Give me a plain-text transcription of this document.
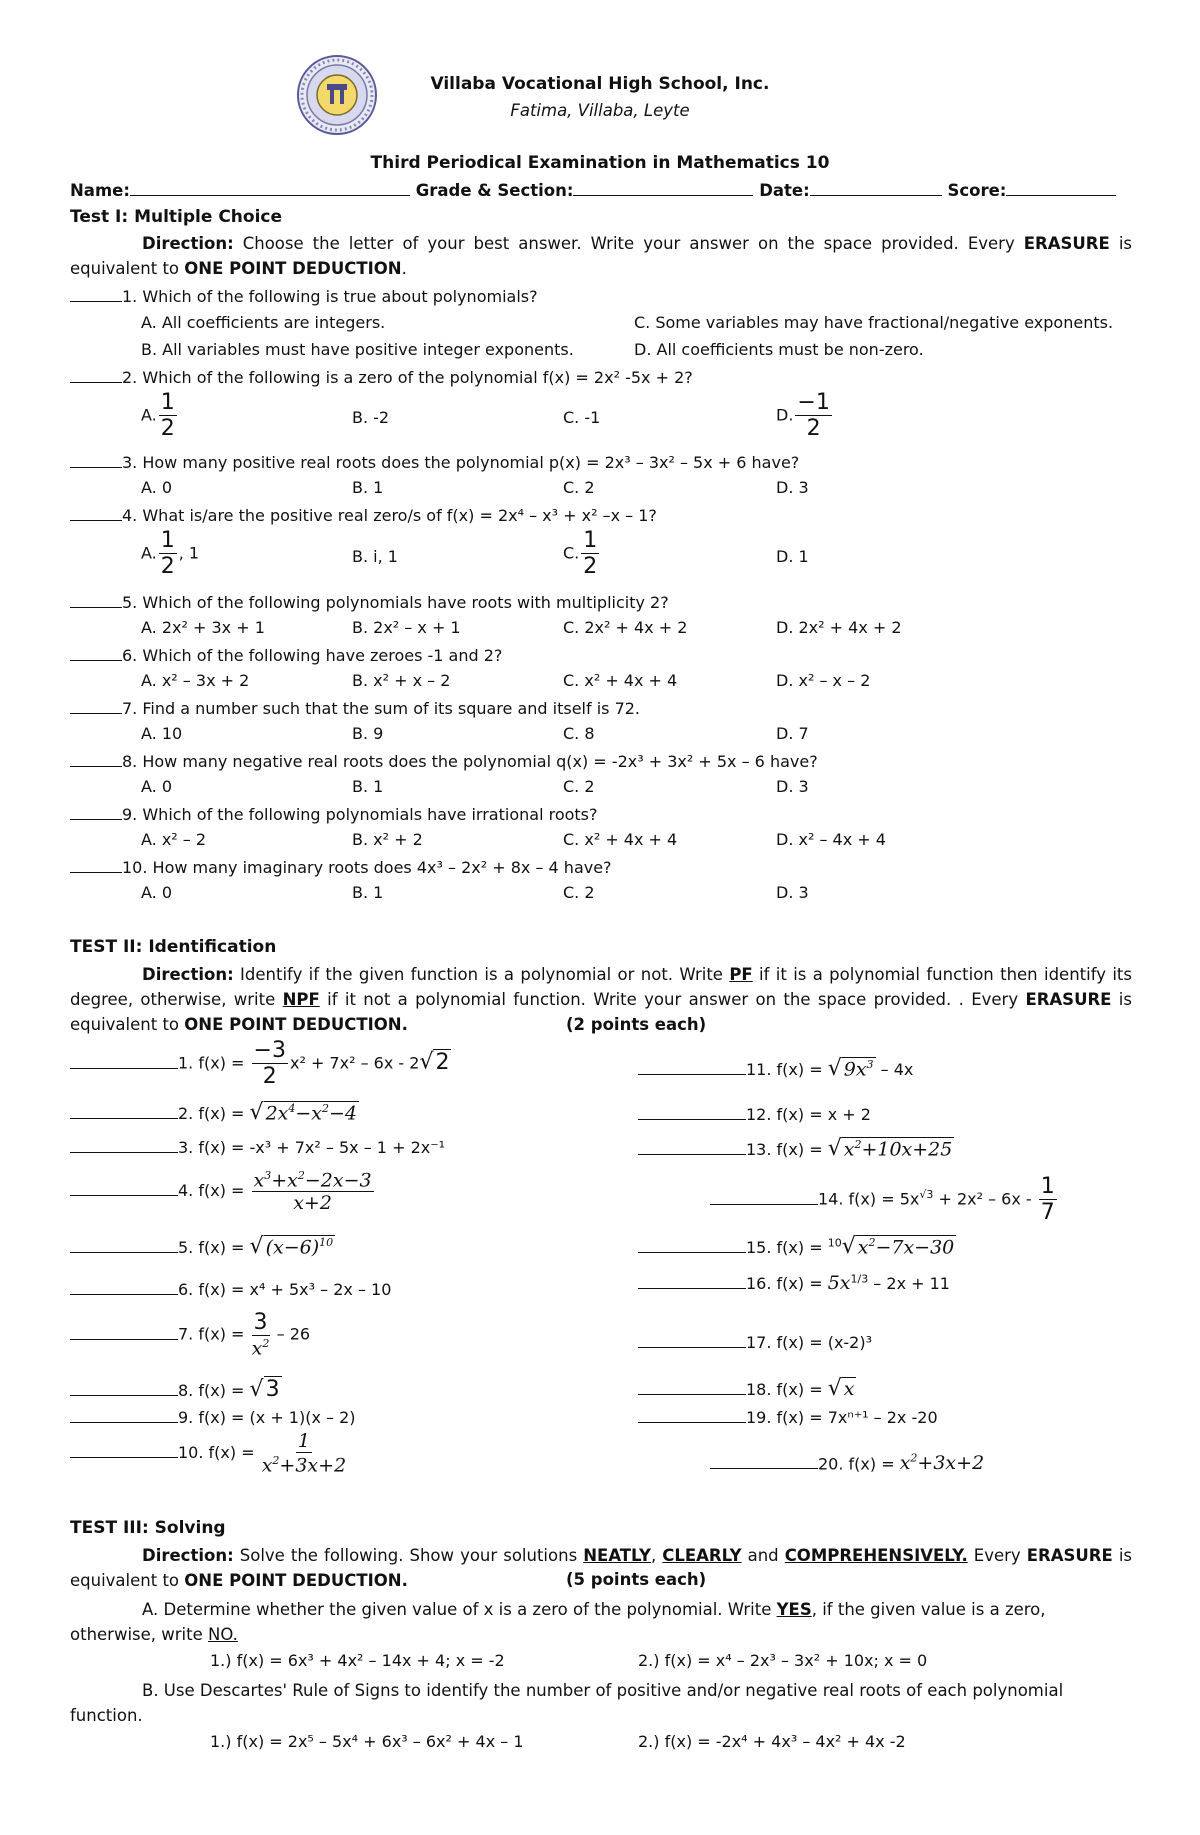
Villaba Vocational High School, Inc.
Fatima, Villaba, Leyte
Third Periodical Examination in Mathematics 10
Name:	Grade & Section:	Date:	Score:
Test I: Multiple Choice
Direction: Choose the letter of your best answer. Write your answer on the space provided. Every ERASURE is equivalent to ONE POINT DEDUCTION.
1. Which of the following is true about polynomials?
A. All coefficients are integers.	C. Some variables may have fractional/negative exponents.
B. All variables must have positive integer exponents.	D. All coefficients must be non-zero.
2. Which of the following is a zero of the polynomial f(x) = 2x² -5x + 2?
A. $\frac{1}{2}$	B. -2	C. -1	D. $\frac{-1}{2}$
3. How many positive real roots does the polynomial p(x) = 2x³ – 3x² – 5x + 6 have?
A. 0	B. 1	C. 2	D. 3
4. What is/are the positive real zero/s of f(x) = 2x⁴ – x³ + x² –x – 1?
A. $\frac{1}{2}$ , 1	B. i, 1	C. $\frac{1}{2}$	D. 1
5. Which of the following polynomials have roots with multiplicity 2?
A. 2x² + 3x + 1	B. 2x² – x + 1	C. 2x² + 4x + 2	D. 2x² + 4x + 2
6. Which of the following have zeroes -1 and 2?
A. x² – 3x + 2	B. x² + x – 2	C. x² + 4x + 4	D. x² – x – 2
7. Find a number such that the sum of its square and itself is 72.
A. 10	B. 9	C. 8	D. 7
8. How many negative real roots does the polynomial q(x) = -2x³ + 3x² + 5x – 6 have?
A. 0	B. 1	C. 2	D. 3
9. Which of the following polynomials have irrational roots?
A. x² – 2	B. x² + 2	C. x² + 4x + 4	D. x² – 4x + 4
10. How many imaginary roots does 4x³ – 2x² + 8x – 4 have?
A. 0	B. 1	C. 2	D. 3
TEST II: Identification
Direction: Identify if the given function is a polynomial or not. Write PF if it is a polynomial function then identify its degree, otherwise, write NPF if it not a polynomial function. Write your answer on the space provided. . Every ERASURE is equivalent to ONE POINT DEDUCTION.	(2 points each)
1. $f(x) = \frac{-3}{2} x^2 + 7x^2 - 6x - 2√2$
2. f(x) = √ $2x^4-x^2-4$
3. f(x) = -x³ + 7x² – 5x – 1 + 2x⁻¹
4. $f(x) = \frac{x^3+x^2-2x-3}{x+2}$
5. f(x) = √ $(x-6)^{10}$
6. f(x) = x⁴ + 5x³ – 2x – 10
7. $f(x) = \frac{3}{x^2} - 26$
8. f(x) = √3
9. f(x) = (x + 1)(x – 2)
10. $f(x) = \frac{1}{x^2+3x+2}$
11. f(x) = √ $9x^3 - 4x$
12. f(x) = x + 2
13. f(x) = √ $x^2+10x+25$
14. $f(x) = 5x^{√3} + 2x^2 - 6x - \frac{1}{7}$
15. f(x) = $^{10}$√ $x^2-7x-30$
16. $f(x) = 5x^{1/3} - 2x + 11$
17. f(x) = (x-2)³
18. f(x) = √ x
19. f(x) = 7xⁿ⁺¹ – 2x -20
20. $f(x) = x^2+3x+2$
TEST III: Solving
Direction: Solve the following. Show your solutions NEATLY, CLEARLY and COMPREHENSIVELY. Every ERASURE is equivalent to ONE POINT DEDUCTION.	(5 points each)
A. Determine whether the given value of x is a zero of the polynomial. Write YES, if the given value is a zero, otherwise, write NO.
1.) f(x) = 6x³ + 4x² – 14x + 4; x = -2	2.) f(x) = x⁴ – 2x³ – 3x² + 10x; x = 0
B. Use Descartes' Rule of Signs to identify the number of positive and/or negative real roots of each polynomial function.
1.) f(x) = 2x⁵ – 5x⁴ + 6x³ – 6x² + 4x – 1	2.) f(x) = -2x⁴ + 4x³ – 4x² + 4x -2
